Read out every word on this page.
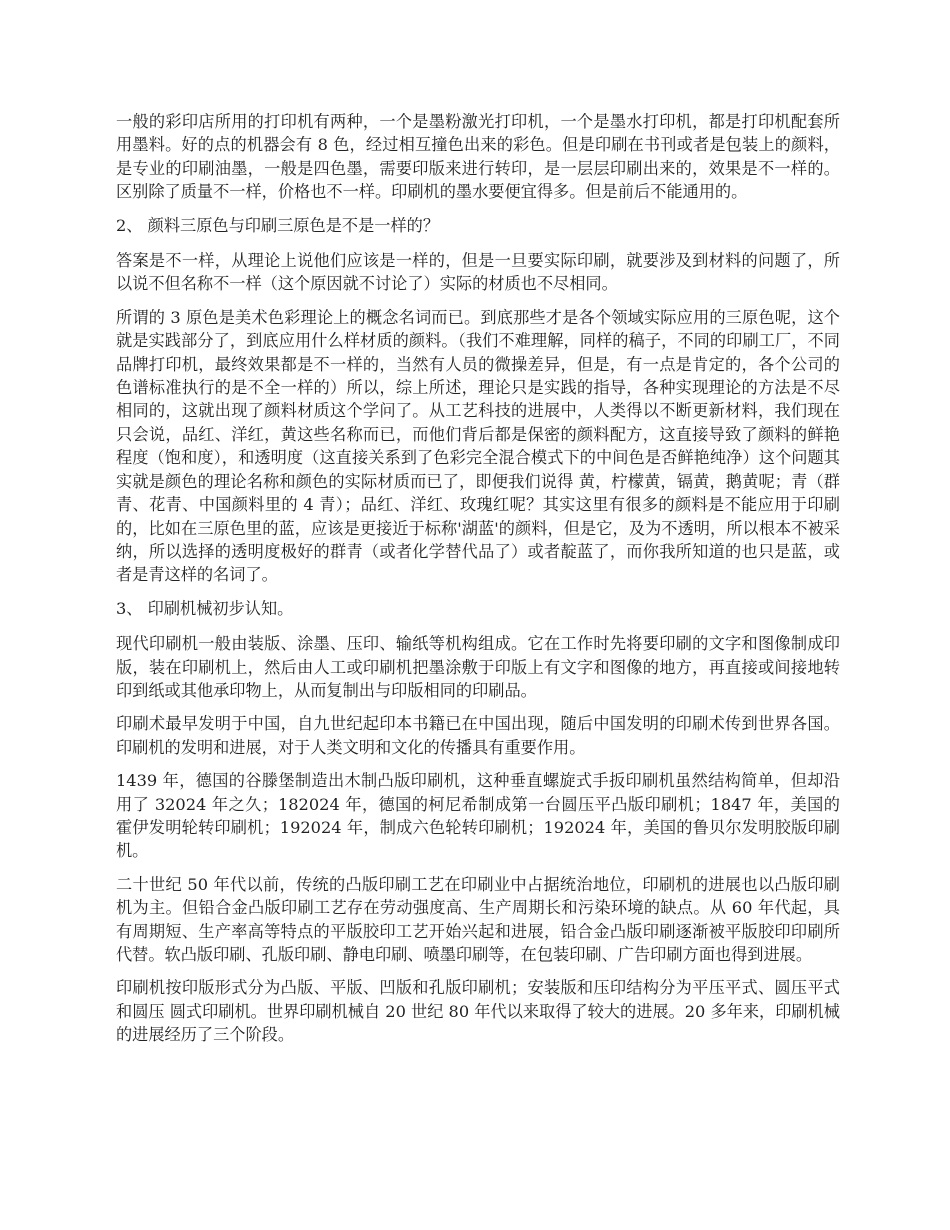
一般的彩印店所用的打印机有两种，一个是墨粉激光打印机，一个是墨水打印机，都是打印机配套所用墨料。好的点的机器会有 8 色，经过相互撞色出来的彩色。但是印刷在书刊或者是包装上的颜料，是专业的印刷油墨，一般是四色墨，需要印版来进行转印，是一层层印刷出来的，效果是不一样的。区别除了质量不一样，价格也不一样。印刷机的墨水要便宜得多。但是前后不能通用的。

2、 颜料三原色与印刷三原色是不是一样的？

答案是不一样，从理论上说他们应该是一样的，但是一旦要实际印刷，就要涉及到材料的问题了，所以说不但名称不一样（这个原因就不讨论了）实际的材质也不尽相同。

所谓的 3 原色是美术色彩理论上的概念名词而已。到底那些才是各个领域实际应用的三原色呢，这个就是实践部分了，到底应用什么样材质的颜料。（我们不难理解，同样的稿子，不同的印刷工厂，不同品牌打印机，最终效果都是不一样的，当然有人员的微操差异，但是，有一点是肯定的，各个公司的色谱标准执行的是不全一样的）所以，综上所述，理论只是实践的指导，各种实现理论的方法是不尽相同的，这就出现了颜料材质这个学问了。从工艺科技的进展中，人类得以不断更新材料，我们现在只会说，品红、洋红，黄这些名称而已，而他们背后都是保密的颜料配方，这直接导致了颜料的鲜艳程度（饱和度），和透明度（这直接关系到了色彩完全混合模式下的中间色是否鲜艳纯净）这个问题其实就是颜色的理论名称和颜色的实际材质而已了，即便我们说得 黄，柠檬黄，镉黄，鹅黄呢；青（群青、花青、中国颜料里的 4 青）；品红、洋红、玫瑰红呢？其实这里有很多的颜料是不能应用于印刷的，比如在三原色里的蓝，应该是更接近于标称'湖蓝'的颜料，但是它，及为不透明，所以根本不被采纳，所以选择的透明度极好的群青（或者化学替代品了）或者靛蓝了，而你我所知道的也只是蓝，或者是青这样的名词了。

3、 印刷机械初步认知。

现代印刷机一般由装版、涂墨、压印、输纸等机构组成。它在工作时先将要印刷的文字和图像制成印版，装在印刷机上，然后由人工或印刷机把墨涂敷于印版上有文字和图像的地方，再直接或间接地转印到纸或其他承印物上，从而复制出与印版相同的印刷品。

印刷术最早发明于中国，自九世纪起印本书籍已在中国出现，随后中国发明的印刷术传到世界各国。印刷机的发明和进展，对于人类文明和文化的传播具有重要作用。

1439 年，德国的谷滕堡制造出木制凸版印刷机，这种垂直螺旋式手扳印刷机虽然结构简单，但却沿用了 32024 年之久；182024 年，德国的柯尼希制成第一台圆压平凸版印刷机；1847 年，美国的霍伊发明轮转印刷机；192024 年，制成六色轮转印刷机；192024 年，美国的鲁贝尔发明胶版印刷机。

二十世纪 50 年代以前，传统的凸版印刷工艺在印刷业中占据统治地位，印刷机的进展也以凸版印刷机为主。但铅合金凸版印刷工艺存在劳动强度高、生产周期长和污染环境的缺点。从 60 年代起，具有周期短、生产率高等特点的平版胶印工艺开始兴起和进展，铅合金凸版印刷逐渐被平版胶印印刷所代替。软凸版印刷、孔版印刷、静电印刷、喷墨印刷等，在包装印刷、广告印刷方面也得到进展。

印刷机按印版形式分为凸版、平版、凹版和孔版印刷机；安装版和压印结构分为平压平式、圆压平式和圆压 圆式印刷机。世界印刷机械自 20 世纪 80 年代以来取得了较大的进展。20 多年来，印刷机械的进展经历了三个阶段。
